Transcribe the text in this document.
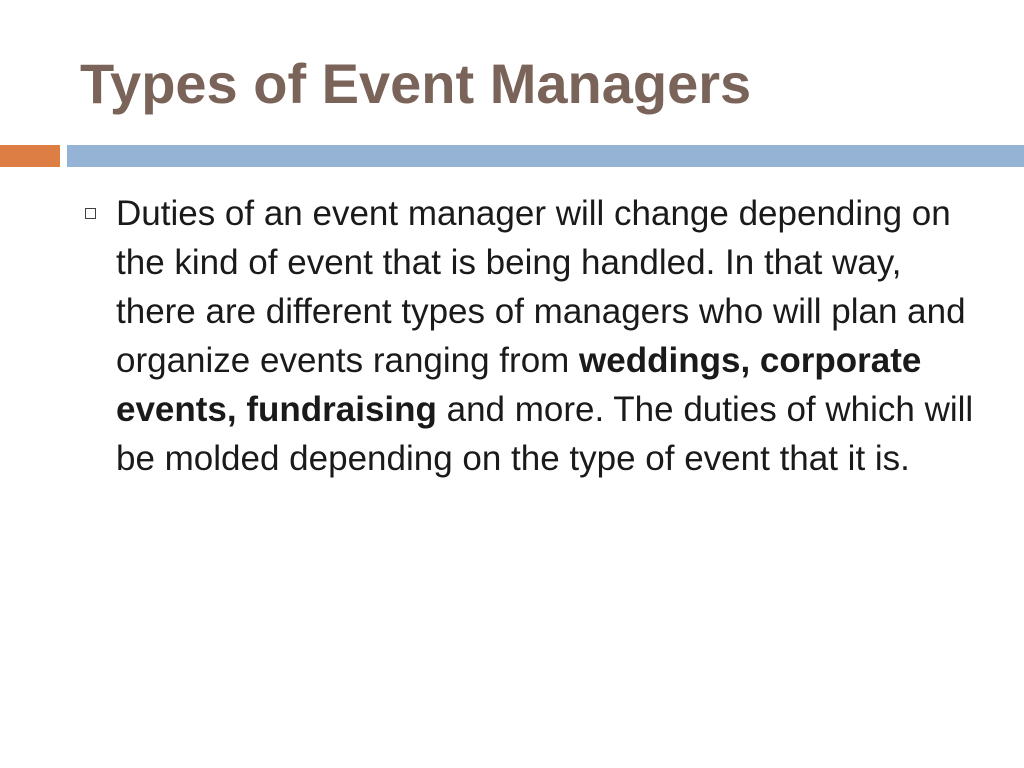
Types of Event Managers

Duties of an event manager will change depending on the kind of event that is being handled. In that way, there are different types of managers who will plan and organize events ranging from weddings, corporate events, fundraising and more. The duties of which will be molded depending on the type of event that it is.
